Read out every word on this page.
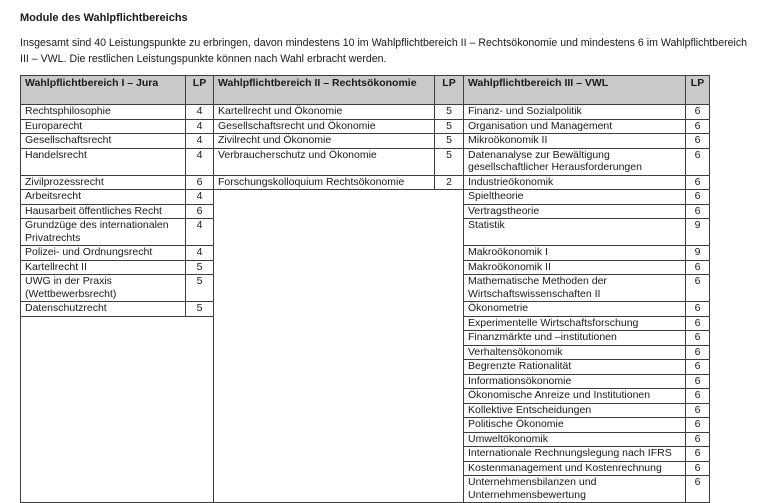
Module des Wahlpflichtbereichs

Insgesamt sind 40 Leistungspunkte zu erbringen, davon mindestens 10 im Wahlpflichtbereich II – Rechtsökonomie und mindestens 6 im Wahlpflichtbereich III – VWL. Die restlichen Leistungspunkte können nach Wahl erbracht werden.

Wahlpflichtbereich I – Jura	LP	Wahlpflichtbereich II – Rechtsökonomie	LP	Wahlpflichtbereich III – VWL	LP
Rechtsphilosophie	4	Kartellrecht und Ökonomie	5	Finanz- und Sozialpolitik	6
Europarecht	4	Gesellschaftsrecht und Ökonomie	5	Organisation und Management	6
Gesellschaftsrecht	4	Zivilrecht und Ökonomie	5	Mikroökonomik II	6
Handelsrecht	4	Verbraucherschutz und Ökonomie	5	Datenanalyse zur Bewältigung gesellschaftlicher Herausforderungen	6
Zivilprozessrecht	6	Forschungskolloquium Rechtsökonomie	2	Industrieökonomik	6
Arbeitsrecht	4			Spieltheorie	6
Hausarbeit öffentliches Recht	6			Vertragstheorie	6
Grundzüge des internationalen Privatrechts	4			Statistik	9
Polizei- und Ordnungsrecht	4			Makroökonomik I	9
Kartellrecht II	5			Makroökonomik II	6
UWG in der Praxis (Wettbewerbsrecht)	5			Mathematische Methoden der Wirtschaftswissenschaften II	6
Datenschutzrecht	5			Ökonometrie	6
				Experimentelle Wirtschaftsforschung	6
				Finanzmärkte und –institutionen	6
				Verhaltensökonomik	6
				Begrenzte Rationalität	6
				Informationsökonomie	6
				Ökonomische Anreize und Institutionen	6
				Kollektive Entscheidungen	6
				Politische Ökonomie	6
				Umweltökonomik	6
				Internationale Rechnungslegung nach IFRS	6
				Kostenmanagement und Kostenrechnung	6
				Unternehmensbilanzen und Unternehmensbewertung	6
